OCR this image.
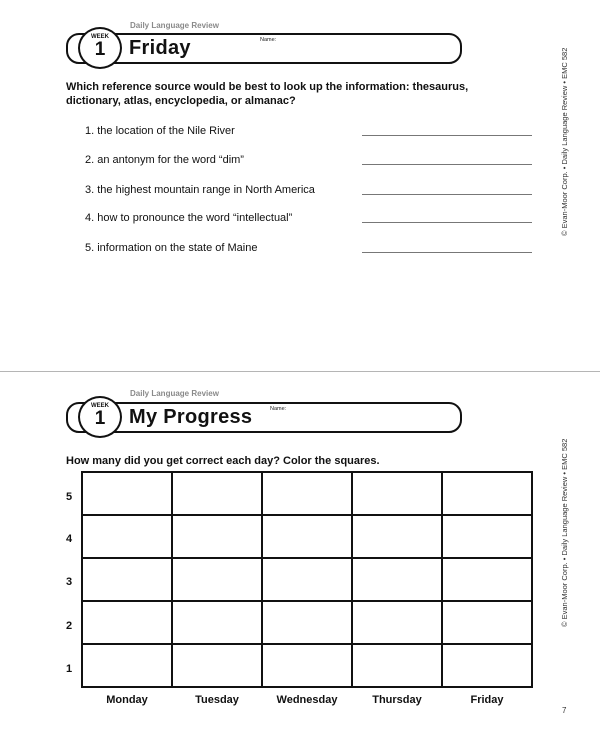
Daily Language Review
WEEK
1	Friday	Name:
Which reference source would be best to look up the information: thesaurus, dictionary, atlas, encyclopedia, or almanac?
1. the location of the Nile River
2. an antonym for the word “dim”
3. the highest mountain range in North America
4. how to pronounce the word “intellectual”
5. information on the state of Maine
© Evan-Moor Corp. • Daily Language Review • EMC 582
Daily Language Review
WEEK
1	My Progress	Name:
How many did you get correct each day? Color the squares.
5
4
3
2
1
Monday	Tuesday	Wednesday	Thursday	Friday
© Evan-Moor Corp. • Daily Language Review • EMC 582
7
